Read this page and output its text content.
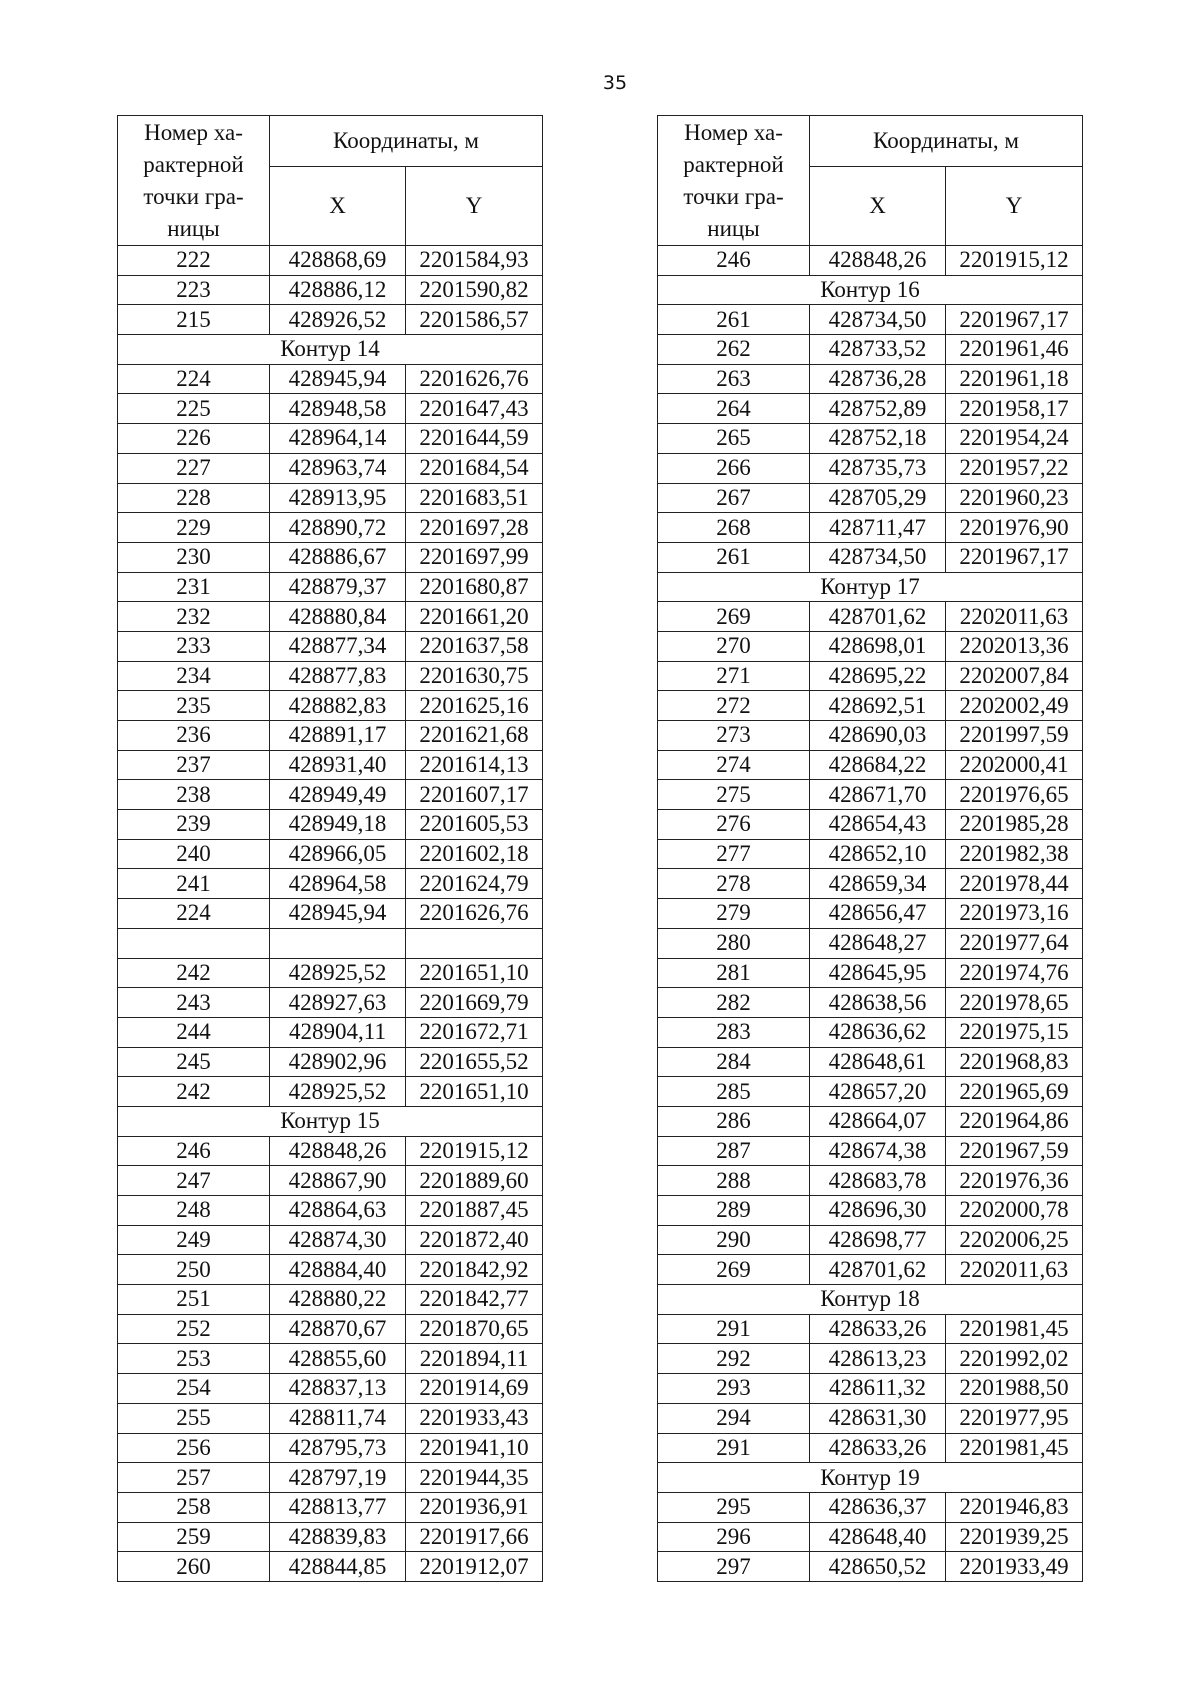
35
Номер ха-
рактерной
точки гра-
ницы	Координаты, м	
	X	Y
222	428868,69	2201584,93
223	428886,12	2201590,82
215	428926,52	2201586,57
Контур 14		
224	428945,94	2201626,76
225	428948,58	2201647,43
226	428964,14	2201644,59
227	428963,74	2201684,54
228	428913,95	2201683,51
229	428890,72	2201697,28
230	428886,67	2201697,99
231	428879,37	2201680,87
232	428880,84	2201661,20
233	428877,34	2201637,58
234	428877,83	2201630,75
235	428882,83	2201625,16
236	428891,17	2201621,68
237	428931,40	2201614,13
238	428949,49	2201607,17
239	428949,18	2201605,53
240	428966,05	2201602,18
241	428964,58	2201624,79
224	428945,94	2201626,76

242	428925,52	2201651,10
243	428927,63	2201669,79
244	428904,11	2201672,71
245	428902,96	2201655,52
242	428925,52	2201651,10
Контур 15		
246	428848,26	2201915,12
247	428867,90	2201889,60
248	428864,63	2201887,45
249	428874,30	2201872,40
250	428884,40	2201842,92
251	428880,22	2201842,77
252	428870,67	2201870,65
253	428855,60	2201894,11
254	428837,13	2201914,69
255	428811,74	2201933,43
256	428795,73	2201941,10
257	428797,19	2201944,35
258	428813,77	2201936,91
259	428839,83	2201917,66
260	428844,85	2201912,07
Номер ха-
рактерной
точки гра-
ницы	Координаты, м	
	X	Y
246	428848,26	2201915,12
Контур 16		
261	428734,50	2201967,17
262	428733,52	2201961,46
263	428736,28	2201961,18
264	428752,89	2201958,17
265	428752,18	2201954,24
266	428735,73	2201957,22
267	428705,29	2201960,23
268	428711,47	2201976,90
261	428734,50	2201967,17
Контур 17		
269	428701,62	2202011,63
270	428698,01	2202013,36
271	428695,22	2202007,84
272	428692,51	2202002,49
273	428690,03	2201997,59
274	428684,22	2202000,41
275	428671,70	2201976,65
276	428654,43	2201985,28
277	428652,10	2201982,38
278	428659,34	2201978,44
279	428656,47	2201973,16
280	428648,27	2201977,64
281	428645,95	2201974,76
282	428638,56	2201978,65
283	428636,62	2201975,15
284	428648,61	2201968,83
285	428657,20	2201965,69
286	428664,07	2201964,86
287	428674,38	2201967,59
288	428683,78	2201976,36
289	428696,30	2202000,78
290	428698,77	2202006,25
269	428701,62	2202011,63
Контур 18		
291	428633,26	2201981,45
292	428613,23	2201992,02
293	428611,32	2201988,50
294	428631,30	2201977,95
291	428633,26	2201981,45
Контур 19		
295	428636,37	2201946,83
296	428648,40	2201939,25
297	428650,52	2201933,49
